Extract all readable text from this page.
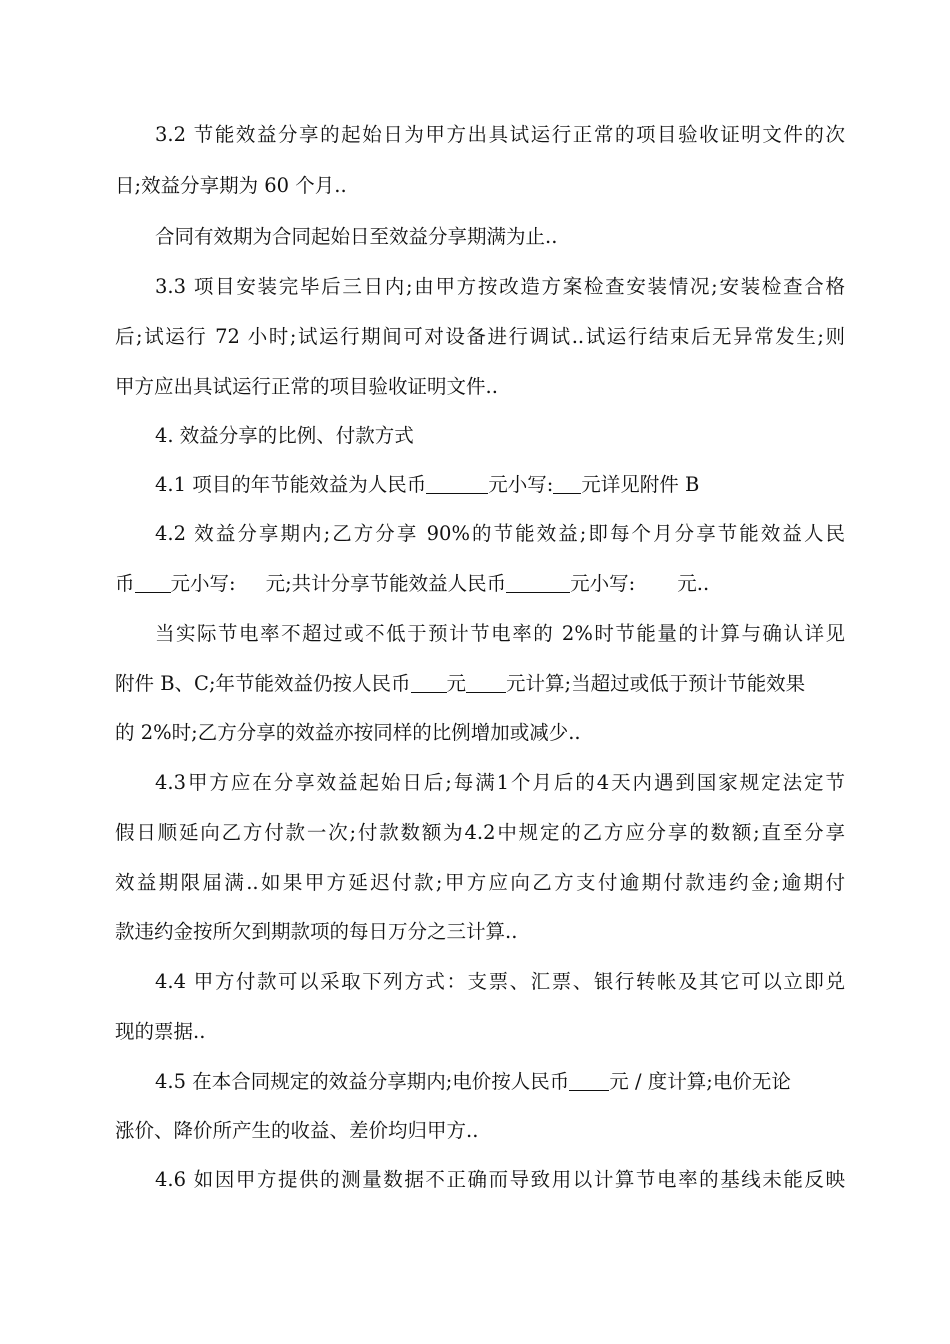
3.2 节能效益分享的起始日为甲方出具试运行正常的项目验收证明文件的次
日;效益分享期为 60 个月..
合同有效期为合同起始日至效益分享期满为止..
3.3 项目安装完毕后三日内;由甲方按改造方案检查安装情况;安装检查合格
后;试运行 72 小时;试运行期间可对设备进行调试..试运行结束后无异常发生;则
甲方应出具试运行正常的项目验收证明文件..
4. 效益分享的比例、付款方式
4.1 项目的年节能效益为人民币	元小写: 元详见附件 B
4.2 效益分享期内;乙方分享 90%的节能效益;即每个月分享节能效益人民
币 元小写: 元;共计分享节能效益人民币	元小写: 元..
当实际节电率不超过或不低于预计节电率的 2%时节能量的计算与确认详见
附件 B、C;年节能效益仍按人民币 元 元计算;当超过或低于预计节能效果
的 2%时;乙方分享的效益亦按同样的比例增加或减少..
4.3甲方应在分享效益起始日后;每满1个月后的4天内遇到国家规定法定节
假日顺延向乙方付款一次;付款数额为4.2中规定的乙方应分享的数额;直至分享
效益期限届满..如果甲方延迟付款;甲方应向乙方支付逾期付款违约金;逾期付
款违约金按所欠到期款项的每日万分之三计算..
4.4 甲方付款可以采取下列方式：支票、汇票、银行转帐及其它可以立即兑
现的票据..
4.5 在本合同规定的效益分享期内;电价按人民币 元 / 度计算;电价无论
涨价、降价所产生的收益、差价均归甲方..
4.6 如因甲方提供的测量数据不正确而导致用以计算节电率的基线未能反映
